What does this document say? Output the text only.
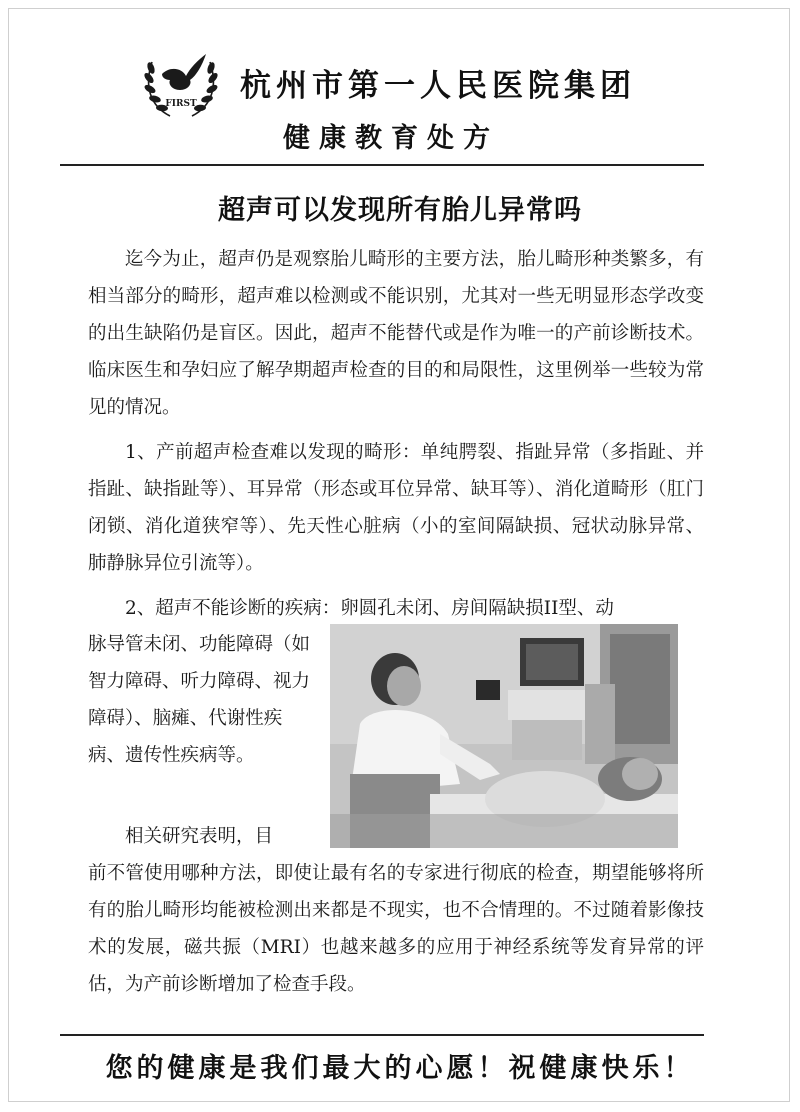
FIRST 杭州市第一人民医院集团
健康教育处方
超声可以发现所有胎儿异常吗

迄今为止，超声仍是观察胎儿畸形的主要方法，胎儿畸形种类繁多，有相当部分的畸形，超声难以检测或不能识别，尤其对一些无明显形态学改变的出生缺陷仍是盲区。因此，超声不能替代或是作为唯一的产前诊断技术。临床医生和孕妇应了解孕期超声检查的目的和局限性，这里例举一些较为常见的情况。

1、产前超声检查难以发现的畸形：单纯腭裂、指趾异常（多指趾、并指趾、缺指趾等）、耳异常（形态或耳位异常、缺耳等）、消化道畸形（肛门闭锁、消化道狭窄等）、先天性心脏病（小的室间隔缺损、冠状动脉异常、肺静脉异位引流等）。

2、超声不能诊断的疾病：卵圆孔未闭、房间隔缺损II型、动

脉导管未闭、功能障碍（如智力障碍、听力障碍、视力障碍）、脑瘫、代谢性疾病、遗传性疾病等。

相关研究表明，目

前不管使用哪种方法，即使让最有名的专家进行彻底的检查，期望能够将所有的胎儿畸形均能被检测出来都是不现实，也不合情理的。不过随着影像技术的发展，磁共振（MRI）也越来越多的应用于神经系统等发育异常的评估，为产前诊断增加了检查手段。

您的健康是我们最大的心愿！祝健康快乐！
